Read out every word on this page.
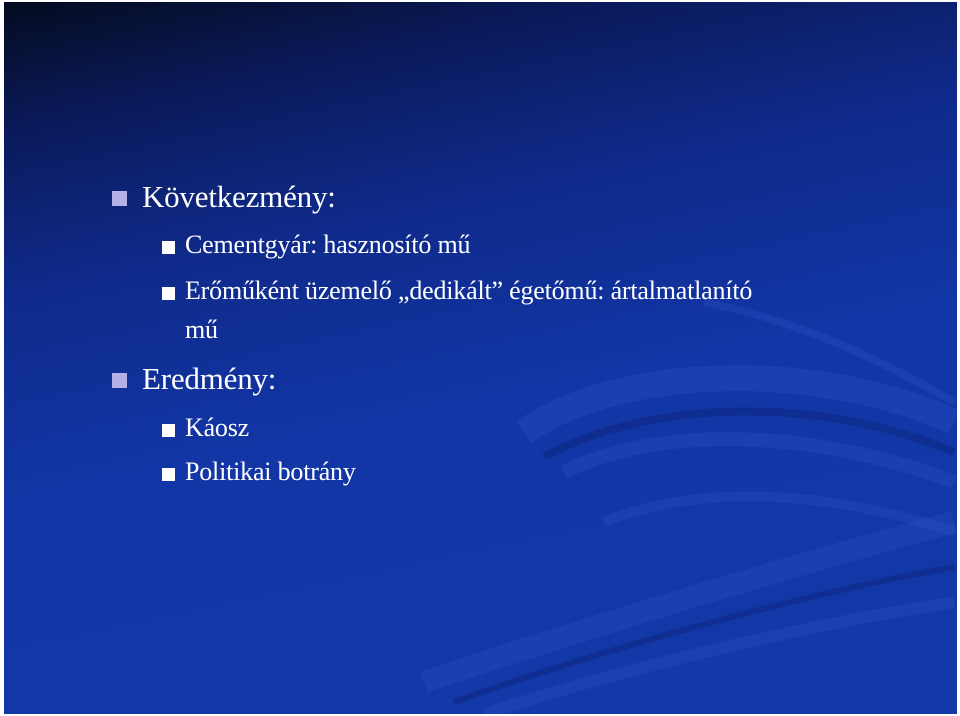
Következmény:
Cementgyár: hasznosító mű
Erőműként üzemelő „dedikált” égetőmű: ártalmatlanító
mű
Eredmény:
Káosz
Politikai botrány
